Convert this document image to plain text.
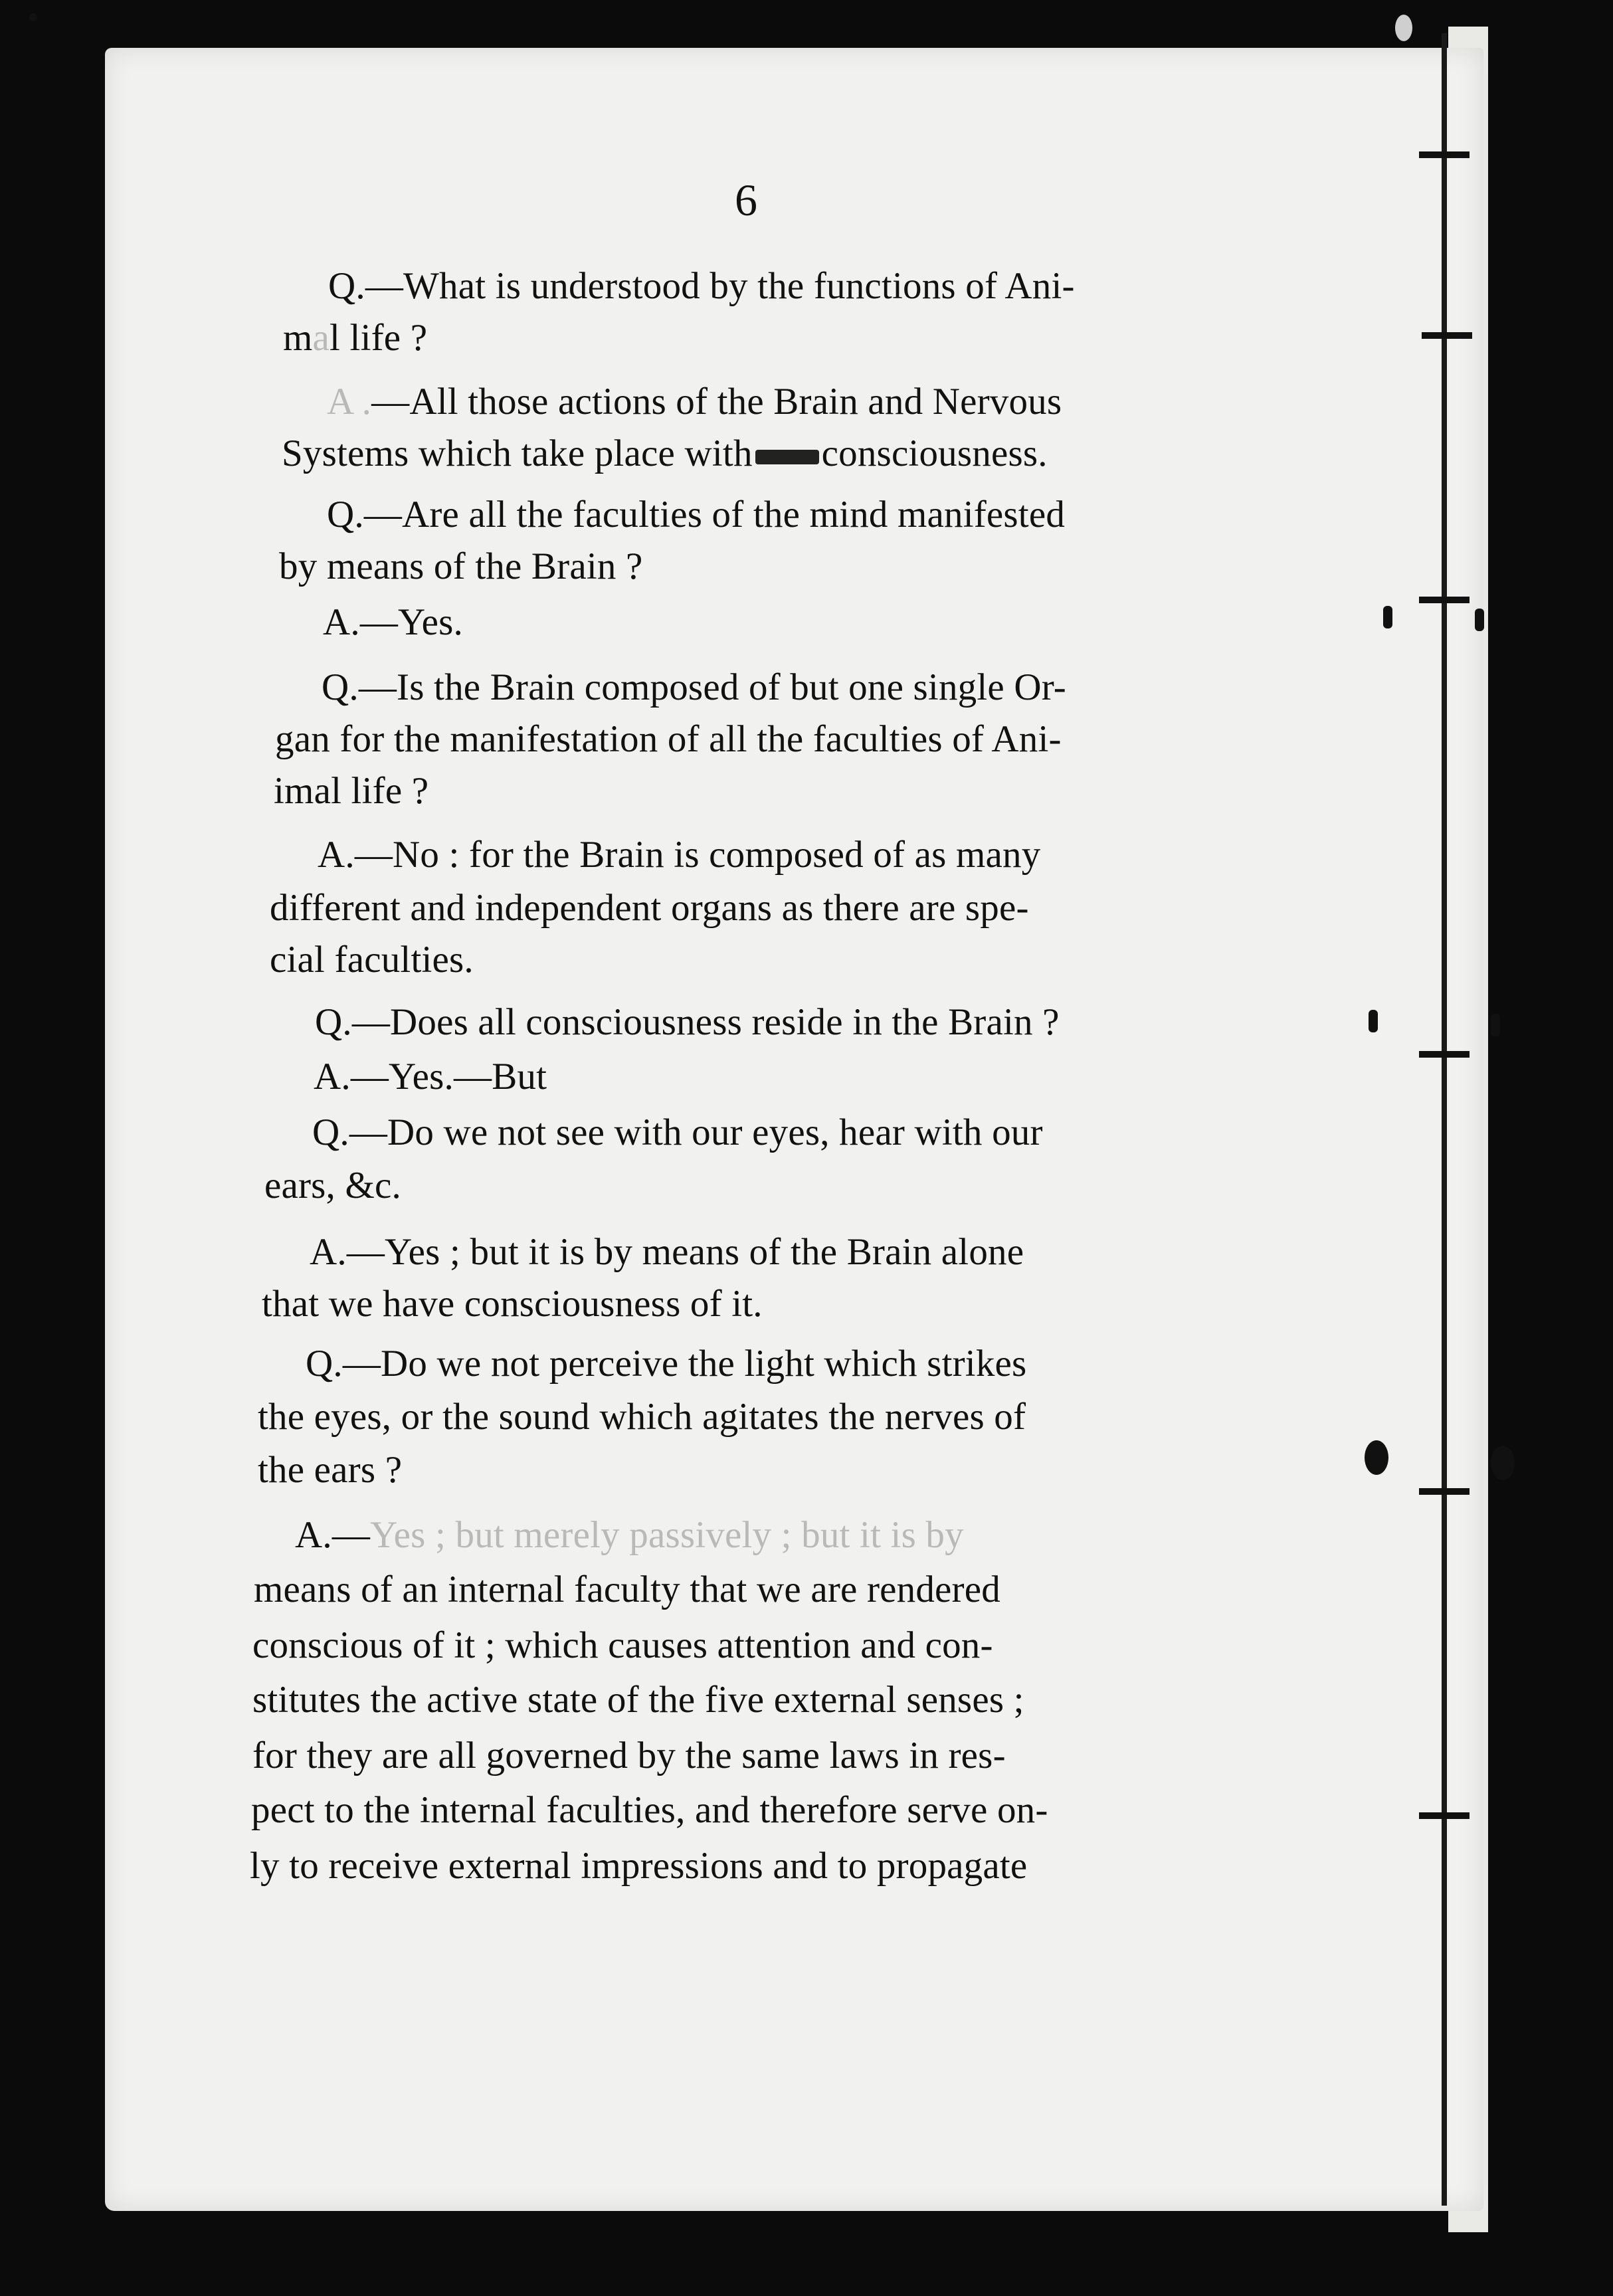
6
Q.—What is understood by the functions of Ani-
mal life ?
A .—All those actions of the Brain and Nervous
Systems which take place with consciousness.
Q.—Are all the faculties of the mind manifested
by means of the Brain ?
A.—Yes.
Q.—Is the Brain composed of but one single Or-
gan for the manifestation of all the faculties of Ani-
imal life ?
A.—No : for the Brain is composed of as many
different and independent organs as there are spe-
cial faculties.
Q.—Does all consciousness reside in the Brain ?
A.—Yes.—But
Q.—Do we not see with our eyes, hear with our
ears, &c.
A.—Yes ; but it is by means of the Brain alone
that we have consciousness of it.
Q.—Do we not perceive the light which strikes
the eyes, or the sound which agitates the nerves of
the ears ?
A.—Yes ; but merely passively ; but it is by
means of an internal faculty that we are rendered
conscious of it ; which causes attention and con-
stitutes the active state of the five external senses ;
for they are all governed by the same laws in res-
pect to the internal faculties, and therefore serve on-
ly to receive external impressions and to propagate
